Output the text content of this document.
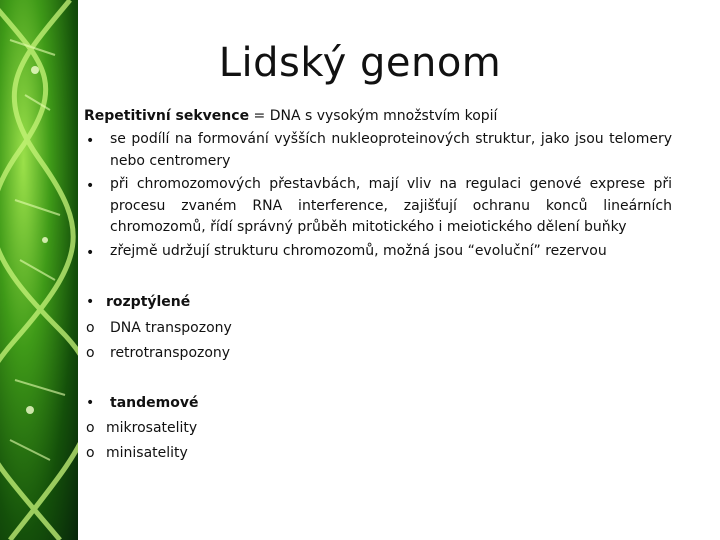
Lidský genom
Repetitivní sekvence = DNA s vysokým množstvím kopií
• se podílí na formování vyšších nukleoproteinových struktur, jako jsou telomery nebo centromery
• při chromozomových přestavbách, mají vliv na regulaci genové exprese při procesu zvaném RNA interference, zajišťují ochranu konců lineárních chromozomů, řídí správný průběh mitotického i meiotického dělení buňky
• zřejmě udržují strukturu chromozomů, možná jsou “evoluční” rezervou
• rozptýlené
o DNA transpozony
o retrotranspozony
• tandemové
o mikrosatelity
o minisatelity
